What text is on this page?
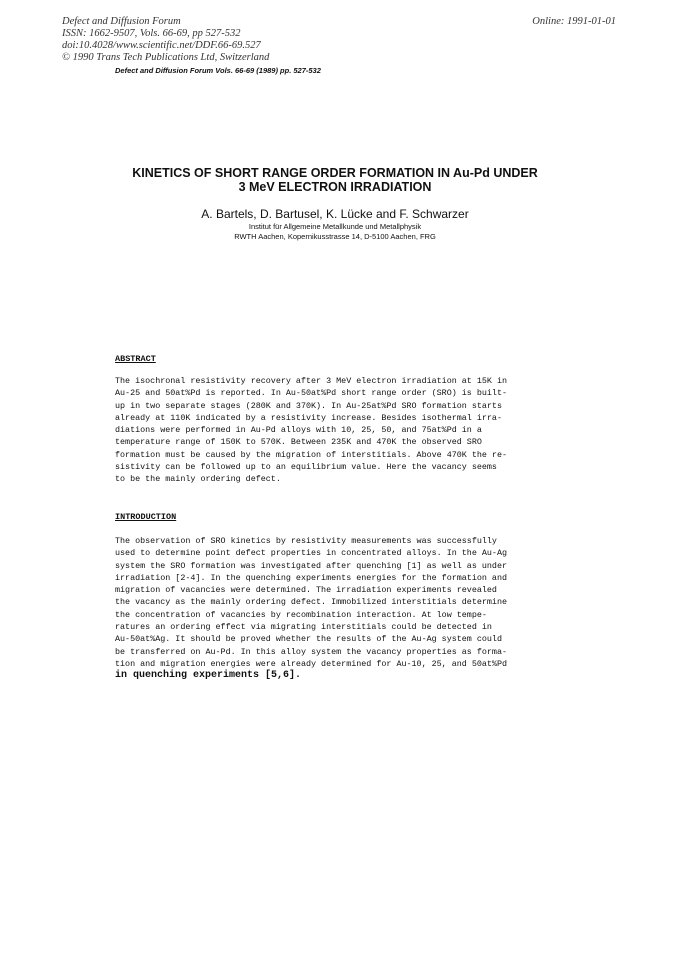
Defect and Diffusion Forum
ISSN: 1662-9507, Vols. 66-69, pp 527-532
doi:10.4028/www.scientific.net/DDF.66-69.527
© 1990 Trans Tech Publications Ltd, Switzerland
Online: 1991-01-01
Defect and Diffusion Forum Vols. 66-69 (1989) pp. 527-532
KINETICS OF SHORT RANGE ORDER FORMATION IN Au-Pd UNDER
3 MeV ELECTRON IRRADIATION
A. Bartels, D. Bartusel, K. Lücke and F. Schwarzer
Institut für Allgemeine Metallkunde und Metallphysik
RWTH Aachen, Kopernikusstrasse 14, D-5100 Aachen, FRG
ABSTRACT
The isochronal resistivity recovery after 3 MeV electron irradiation at 15K in
Au-25 and 50at%Pd is reported. In Au-50at%Pd short range order (SRO) is built-
up in two separate stages (280K and 370K). In Au-25at%Pd SRO formation starts
already at 110K indicated by a resistivity increase. Besides isothermal irra-
diations were performed in Au-Pd alloys with 10, 25, 50, and 75at%Pd in a
temperature range of 150K to 570K. Between 235K and 470K the observed SRO
formation must be caused by the migration of interstitials. Above 470K the re-
sistivity can be followed up to an equilibrium value. Here the vacancy seems
to be the mainly ordering defect.
INTRODUCTION
The observation of SRO kinetics by resistivity measurements was successfully
used to determine point defect properties in concentrated alloys. In the Au-Ag
system the SRO formation was investigated after quenching [1] as well as under
irradiation [2-4]. In the quenching experiments energies for the formation and
migration of vacancies were determined. The irradiation experiments revealed
the vacancy as the mainly ordering defect. Immobilized interstitials determine
the concentration of vacancies by recombination interaction. At low tempe-
ratures an ordering effect via migrating interstitials could be detected in
Au-50at%Ag. It should be proved whether the results of the Au-Ag system could
be transferred on Au-Pd. In this alloy system the vacancy properties as forma-
tion and migration energies were already determined for Au-10, 25, and 50at%Pd
in quenching experiments [5,6].
